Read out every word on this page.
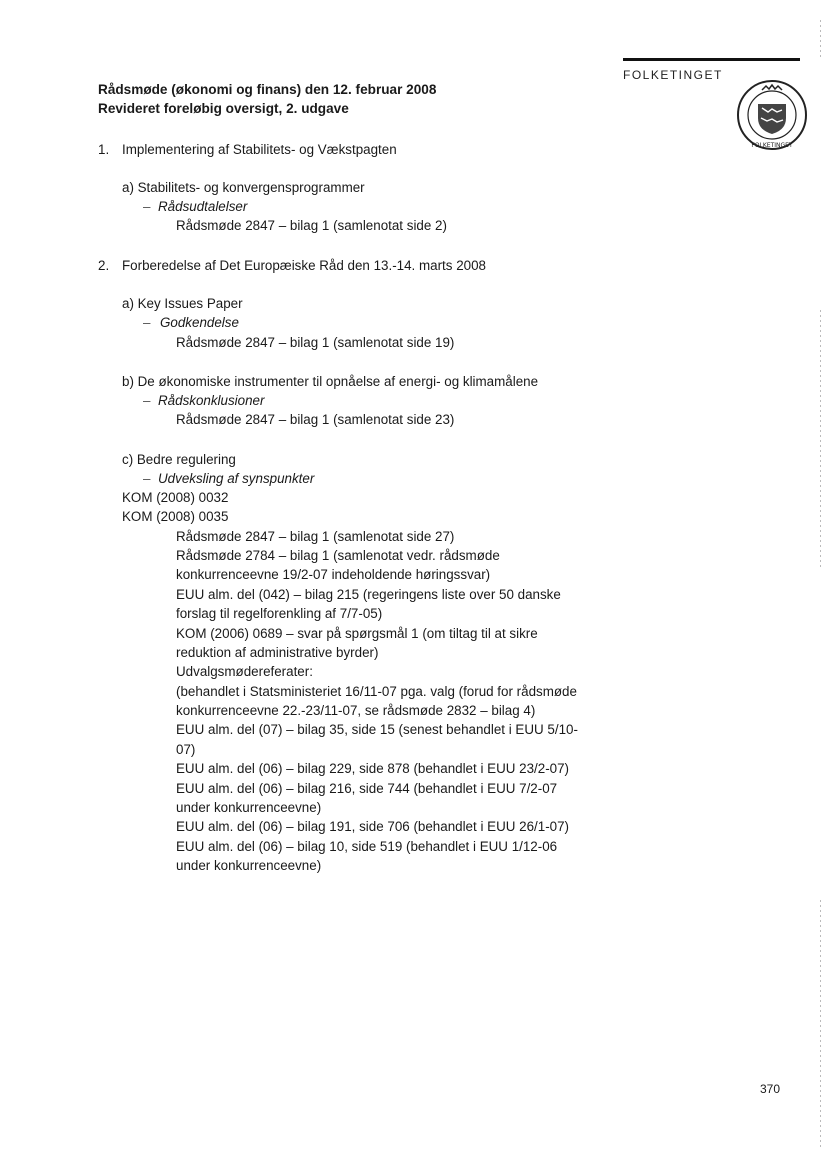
FOLKETINGET
FOLKETINGET
Rådsmøde (økonomi og finans) den 12. februar 2008
Revideret foreløbig oversigt, 2. udgave
1. Implementering af Stabilitets- og Vækstpagten
a) Stabilitets- og konvergensprogrammer
– Rådsudtalelser
Rådsmøde 2847 – bilag 1 (samlenotat side 2)
2. Forberedelse af Det Europæiske Råd den 13.-14. marts 2008
a) Key Issues Paper
– Godkendelse
Rådsmøde 2847 – bilag 1 (samlenotat side 19)
b) De økonomiske instrumenter til opnåelse af energi- og klimamålene
– Rådskonklusioner
Rådsmøde 2847 – bilag 1 (samlenotat side 23)
c) Bedre regulering
– Udveksling af synspunkter
KOM (2008) 0032
KOM (2008) 0035
Rådsmøde 2847 – bilag 1 (samlenotat side 27)
Rådsmøde 2784 – bilag 1 (samlenotat vedr. rådsmøde
konkurrenceevne 19/2-07 indeholdende høringssvar)
EUU alm. del (042) – bilag 215 (regeringens liste over 50 danske
forslag til regelforenkling af 7/7-05)
KOM (2006) 0689 – svar på spørgsmål 1 (om tiltag til at sikre
reduktion af administrative byrder)
Udvalgsmødereferater:
(behandlet i Statsministeriet 16/11-07 pga. valg (forud for rådsmøde
konkurrenceevne 22.-23/11-07, se rådsmøde 2832 – bilag 4)
EUU alm. del (07) – bilag 35, side 15 (senest behandlet i EUU 5/10-
07)
EUU alm. del (06) – bilag 229, side 878 (behandlet i EUU 23/2-07)
EUU alm. del (06) – bilag 216, side 744 (behandlet i EUU 7/2-07
under konkurrenceevne)
EUU alm. del (06) – bilag 191, side 706 (behandlet i EUU 26/1-07)
EUU alm. del (06) – bilag 10, side 519 (behandlet i EUU 1/12-06
under konkurrenceevne)
370
